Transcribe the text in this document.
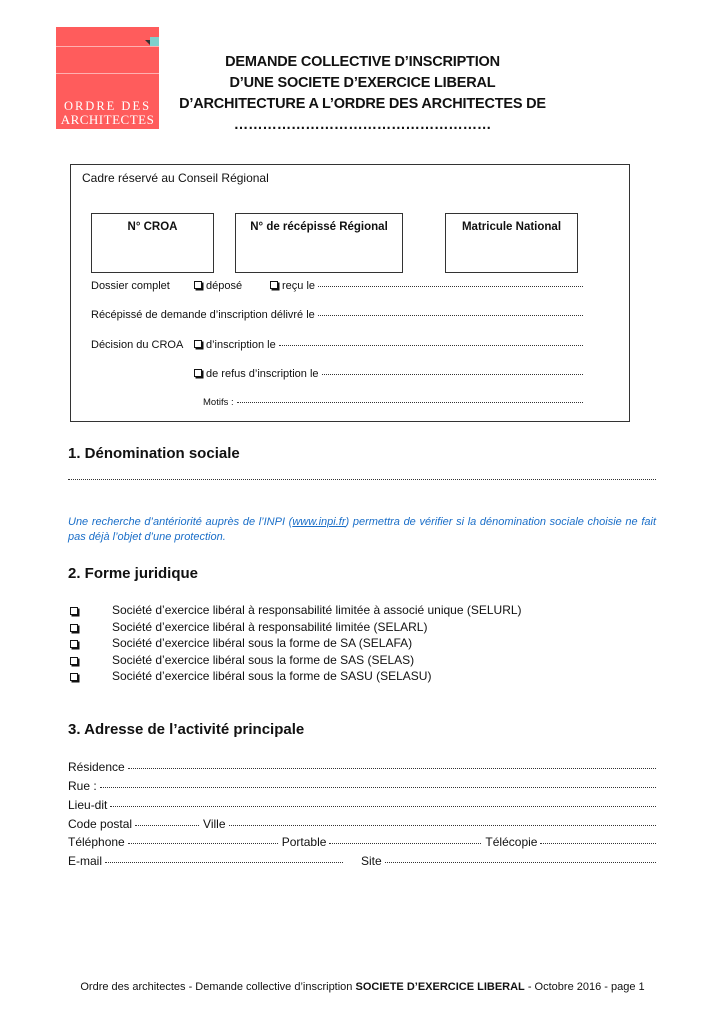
ORDRE DES
ARCHITECTES
DEMANDE COLLECTIVE D’INSCRIPTION
D’UNE SOCIETE D’EXERCICE LIBERAL
D’ARCHITECTURE A L’ORDRE DES ARCHITECTES DE
………………………………………………
Cadre réservé au Conseil Régional
N° CROA	N° de récépissé Régional	Matricule National
Dossier complet	déposé	reçu le
Récépissé de demande d’inscription délivré le
Décision du CROA d’inscription le
de refus d’inscription le
Motifs :
1. Dénomination sociale
Une recherche d’antériorité auprès de l’INPI (www.inpi.fr) permettra de vérifier si la dénomination sociale choisie ne fait pas déjà l’objet d’une protection.
2. Forme juridique
Société d’exercice libéral à responsabilité limitée à associé unique (SELURL)
Société d’exercice libéral à responsabilité limitée (SELARL)
Société d’exercice libéral sous la forme de SA (SELAFA)
Société d’exercice libéral sous la forme de SAS (SELAS)
Société d’exercice libéral sous la forme de SASU (SELASU)
3. Adresse de l’activité principale
Résidence
Rue :
Lieu-dit
Code postal	Ville
Téléphone	Portable	Télécopie
E-mail	Site
Ordre des architectes - Demande collective d’inscription SOCIETE D’EXERCICE LIBERAL - Octobre 2016 - page 1
